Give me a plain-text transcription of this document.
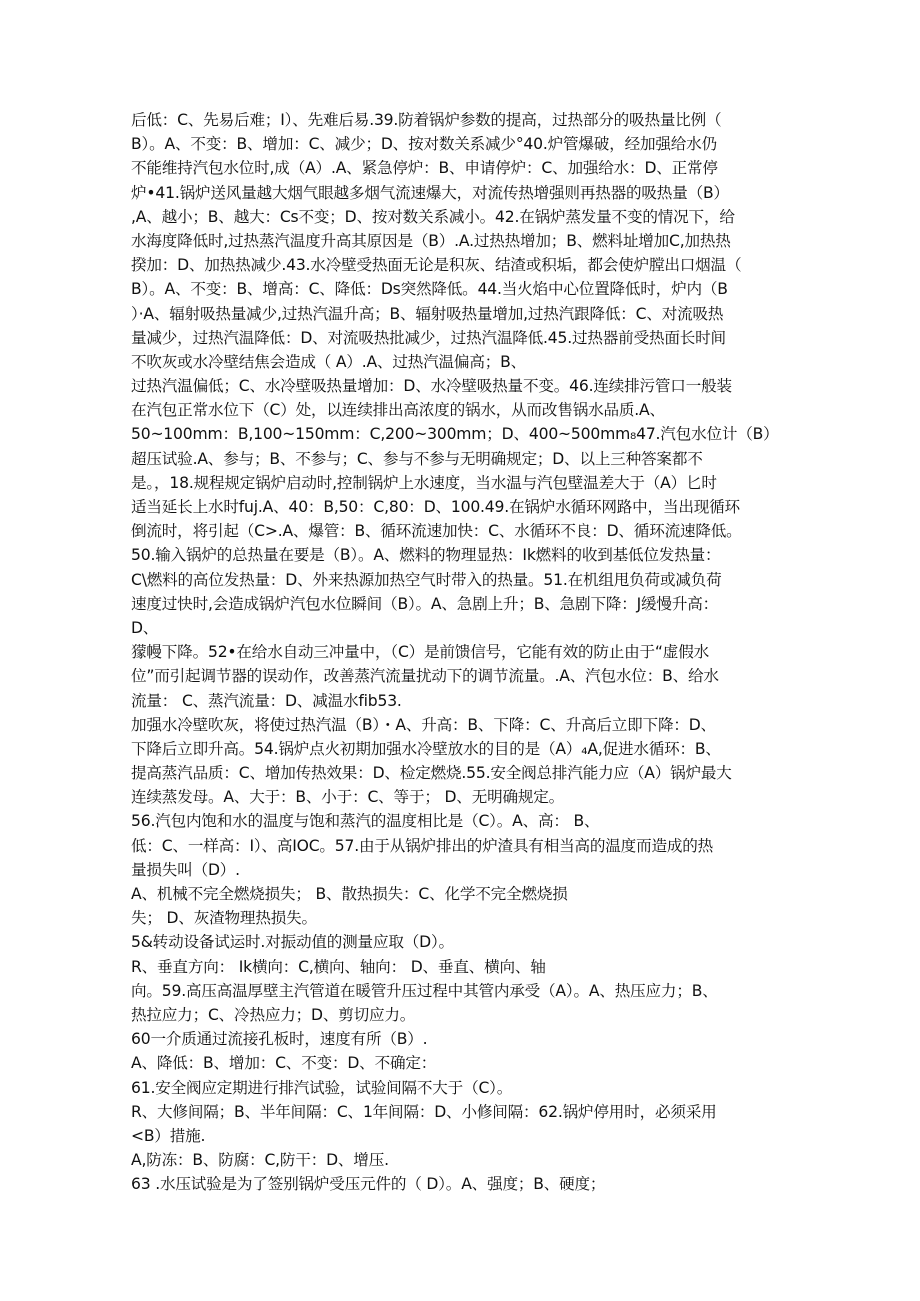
后低：C、先易后难；I）、先难后易.39.防着锅炉参数的提高，过热部分的吸热量比例（
B）。A、不变：B、增加：C、减少；D、按对数关系减少°40.炉管爆破，经加强给水仍
不能维持汽包水位时,成（A）.A、紧急停炉：B、申请停炉：C、加强给水：D、正常停
炉•41.锅炉送风量越大烟气眼越多烟气流速爆大，对流传热增强则再热器的吸热量（B）
,A、越小；B、越大：Cs不变；D、按对数关系减小。42.在锅炉蒸发量不变的情况下，给
水海度降低时,过热蒸汽温度升高其原因是（B）.A.过热热增加；B、燃料址增加C,加热热
揆加：D、加热热减少.43.水冷壁受热面无论是积灰、结渣或积垢，都会使炉膛出口烟温（
B）。A、不变：B、增高：C、降低：Ds突然降低。44.当火焰中心位置降低时，炉内（B
）·A、辐射吸热量减少,过热汽温升高；B、辐射吸热量增加,过热汽跟降低：C、对流吸热
量减少，过热汽温降低：D、对流吸热批减少，过热汽温降低.45.过热器前受热面长时间
不吹灰或水冷壁结焦会造成（ A）.A、过热汽温偏高；B、
过热汽温偏低；C、水冷壁吸热量增加：D、水冷壁吸热量不变。46.连续排污管口一般装
在汽包正常水位下（C）处，以连续排出高浓度的锅水，从而改售锅水品质.A、
50~100mm：B,100~150mm：C,200~300mm；D、400~500mm₈47.汽包水位计（B）
超压试验.A、参与；B、不参与；C、参与不参与无明确规定；D、以上三种答案都不
是。，18.规程规定锅炉启动时,控制锅炉上水速度，当水温与汽包壁温差大于（A）匕时
适当延长上水时fuj.A、40：B,50：C,80：D、100.49.在锅炉水循环网路中，当出现循环
倒流时，将引起（C>.A、爆管：B、循环流速加快：C、水循环不良：D、循环流速降低。
50.输入锅炉的总热量在要是（B）。A、燃料的物理显热：Ik燃料的收到基低位发热量：
C\燃料的高位发热量：D、外来热源加热空气时带入的热量。51.在机组甩负荷或减负荷
速度过快时,会造成锅炉汽包水位瞬间（B）。A、急剧上升；B、急剧下降：J缓慢升高：
D、
獴幔下降。52•在给水自动三冲量中，（C）是前馈信号，它能有效的防止由于“虚假水
位”而引起调节器的误动作，改善蒸汽流量扰动下的调节流量。.A、汽包水位：B、给水
流量： C、蒸汽流量：D、减温水fib53.
加强水冷壁吹灰，将使过热汽温（B）・A、升高：B、下降：C、升高后立即下降：D、
下降后立即升高。54.锅炉点火初期加强水冷壁放水的目的是（A）₄A,促进水循环：B、
提高蒸汽品质：C、增加传热效果：D、检定燃烧.55.安全阀总排汽能力应（A）锅炉最大
连续蒸发母。A、大于：B、小于：C、等于； D、无明确规定。
56.汽包内饱和水的温度与饱和蒸汽的温度相比是（C）。A、高： B、
低：C、一样高：I）、高IOC。57.由于从锅炉排出的炉渣具有相当高的温度而造成的热
量损失叫（D）.
A、机械不完全燃烧损失； B、散热损失：C、化学不完全燃烧损
失； D、灰渣物理热损失。
5&转动设备试运时.对振动值的测量应取（D）。
R、垂直方向： Ik横向：C,横向、轴向： D、垂直、横向、轴
向。59.高压高温厚壁主汽管道在暖管升压过程中其管内承受（A）。A、热压应力；B、
热拉应力；C、冷热应力；D、剪切应力。
60一介质通过流接孔板时，速度有所（B）.
A、降低：B、增加：C、不变：D、不确定：
61.安全阀应定期进行排汽试验，试验间隔不大于（C）。
R、大修间隔；B、半年间隔：C、1年间隔：D、小修间隔：62.锅炉停用时，必须采用
<B）措施.
A,防冻：B、防腐：C,防干：D、增压.
63 .水压试验是为了签别锅炉受压元件的（ D）。A、强度；B、硬度；
